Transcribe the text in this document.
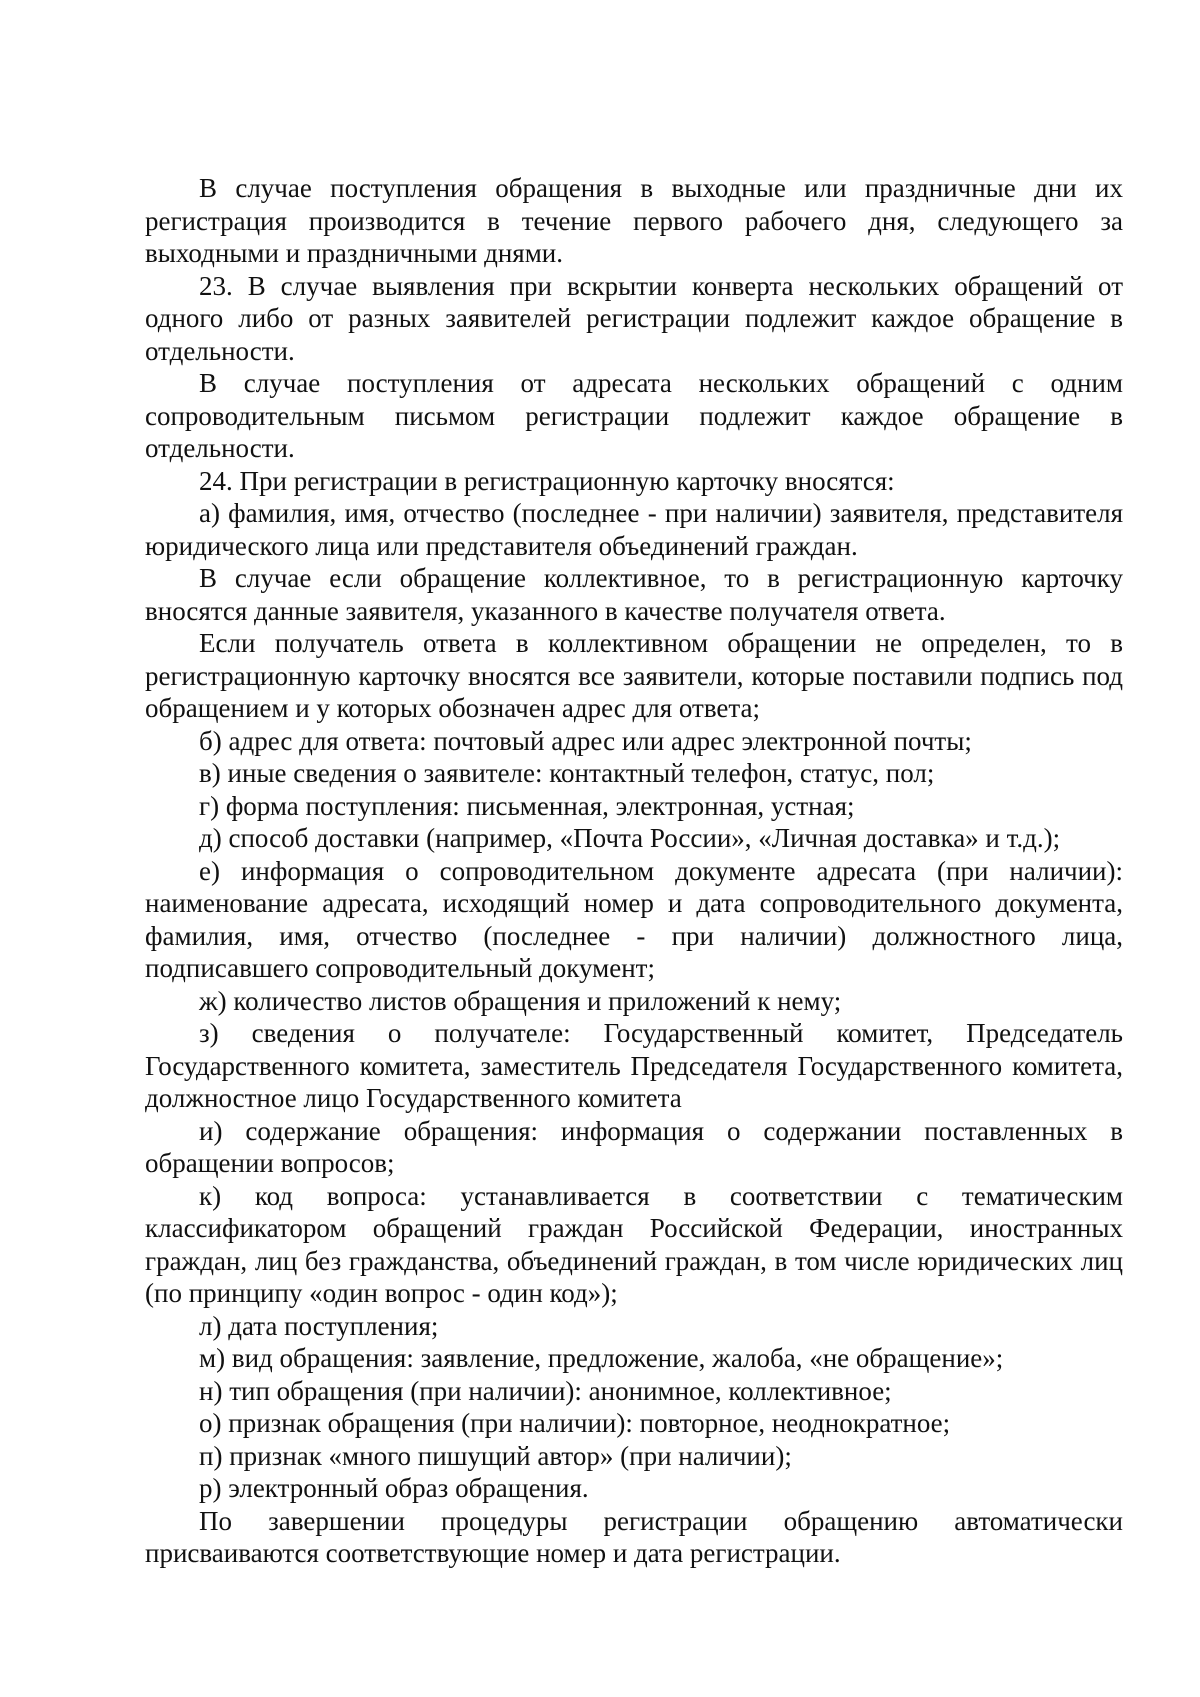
В случае поступления обращения в выходные или праздничные дни их регистрация производится в течение первого рабочего дня, следующего за выходными и праздничными днями.

23. В случае выявления при вскрытии конверта нескольких обращений от одного либо от разных заявителей регистрации подлежит каждое обращение в отдельности.

В случае поступления от адресата нескольких обращений с одним сопроводительным письмом регистрации подлежит каждое обращение в отдельности.

24. При регистрации в регистрационную карточку вносятся:

а) фамилия, имя, отчество (последнее - при наличии) заявителя, представителя юридического лица или представителя объединений граждан.

В случае если обращение коллективное, то в регистрационную карточку вносятся данные заявителя, указанного в качестве получателя ответа.

Если получатель ответа в коллективном обращении не определен, то в регистрационную карточку вносятся все заявители, которые поставили подпись под обращением и у которых обозначен адрес для ответа;

б) адрес для ответа: почтовый адрес или адрес электронной почты;

в) иные сведения о заявителе: контактный телефон, статус, пол;

г) форма поступления: письменная, электронная, устная;

д) способ доставки (например, «Почта России», «Личная доставка» и т.д.);

е) информация о сопроводительном документе адресата (при наличии): наименование адресата, исходящий номер и дата сопроводительного документа, фамилия, имя, отчество (последнее - при наличии) должностного лица, подписавшего сопроводительный документ;

ж) количество листов обращения и приложений к нему;

з) сведения о получателе: Государственный комитет, Председатель Государственного комитета, заместитель Председателя Государственного комитета, должностное лицо Государственного комитета

и) содержание обращения: информация о содержании поставленных в обращении вопросов;

к) код вопроса: устанавливается в соответствии с тематическим классификатором обращений граждан Российской Федерации, иностранных граждан, лиц без гражданства, объединений граждан, в том числе юридических лиц (по принципу «один вопрос - один код»);

л) дата поступления;

м) вид обращения: заявление, предложение, жалоба, «не обращение»;

н) тип обращения (при наличии): анонимное, коллективное;

о) признак обращения (при наличии): повторное, неоднократное;

п) признак «много пишущий автор» (при наличии);

р) электронный образ обращения.

По завершении процедуры регистрации обращению автоматически присваиваются соответствующие номер и дата регистрации.
